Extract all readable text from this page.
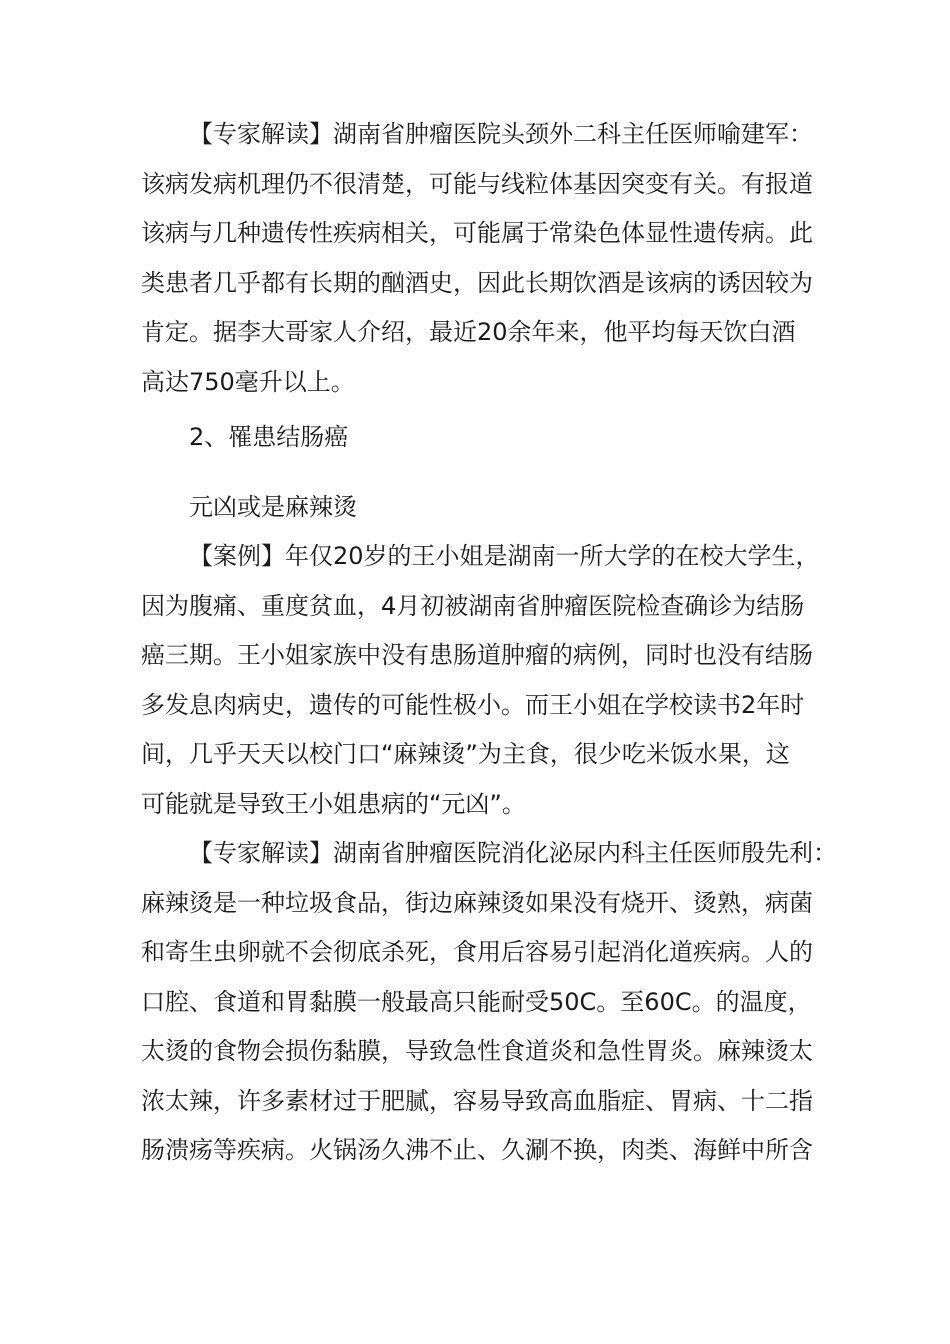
【专家解读】湖南省肿瘤医院头颈外二科主任医师喻建军：
该病发病机理仍不很清楚，可能与线粒体基因突变有关。有报道
该病与几种遗传性疾病相关，可能属于常染色体显性遗传病。此
类患者几乎都有长期的酗酒史，因此长期饮酒是该病的诱因较为
肯定。据李大哥家人介绍，最近20余年来，他平均每天饮白酒
高达750毫升以上。
2、罹患结肠癌
元凶或是麻辣烫
【案例】年仅20岁的王小姐是湖南一所大学的在校大学生，
因为腹痛、重度贫血，4月初被湖南省肿瘤医院检查确诊为结肠
癌三期。王小姐家族中没有患肠道肿瘤的病例，同时也没有结肠
多发息肉病史，遗传的可能性极小。而王小姐在学校读书2年时
间，几乎天天以校门口“麻辣烫”为主食，很少吃米饭水果，这
可能就是导致王小姐患病的“元凶”。
【专家解读】湖南省肿瘤医院消化泌尿内科主任医师殷先利：
麻辣烫是一种垃圾食品，街边麻辣烫如果没有烧开、烫熟，病菌
和寄生虫卵就不会彻底杀死，食用后容易引起消化道疾病。人的
口腔、食道和胃黏膜一般最高只能耐受50C。至60C。的温度，
太烫的食物会损伤黏膜，导致急性食道炎和急性胃炎。麻辣烫太
浓太辣，许多素材过于肥腻，容易导致高血脂症、胃病、十二指
肠溃疡等疾病。火锅汤久沸不止、久涮不换，肉类、海鲜中所含
